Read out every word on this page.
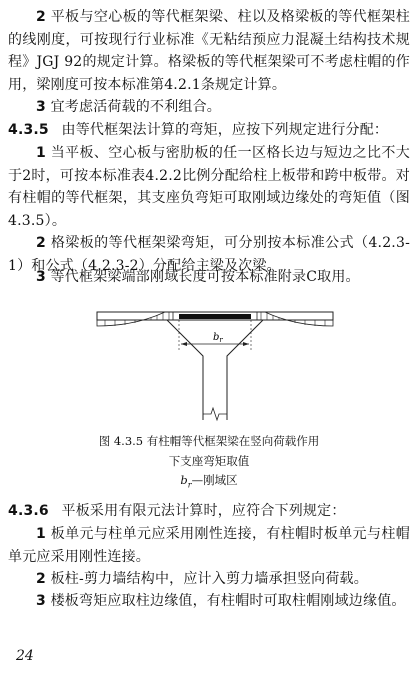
2 平板与空心板的等代框架梁、柱以及格梁板的等代框架柱的线刚度，可按现行行业标准《无粘结预应力混凝土结构技术规程》JGJ 92的规定计算。格梁板的等代框架梁可不考虑柱帽的作用，梁刚度可按本标准第4.2.1条规定计算。
3 宜考虑活荷载的不利组合。
4.3.5 由等代框架法计算的弯矩，应按下列规定进行分配：
1 当平板、空心板与密肋板的任一区格长边与短边之比不大于2时，可按本标准表4.2.2比例分配给柱上板带和跨中板带。对有柱帽的等代框架，其支座负弯矩可取刚域边缘处的弯矩值（图4.3.5）。
2 格梁板的等代框架梁弯矩，可分别按本标准公式（4.2.3-1）和公式（4.2.3-2）分配给主梁及次梁。
3 等代框架梁端部刚域长度可按本标准附录C取用。
$b_r$
图 4.3.5 有柱帽等代框架梁在竖向荷载作用
下支座弯矩取值
$b_r—$刚域区
4.3.6 平板采用有限元法计算时，应符合下列规定：
1 板单元与柱单元应采用刚性连接，有柱帽时板单元与柱帽单元应采用刚性连接。
2 板柱-剪力墙结构中，应计入剪力墙承担竖向荷载。
3 楼板弯矩应取柱边缘值，有柱帽时可取柱帽刚域边缘值。
24
